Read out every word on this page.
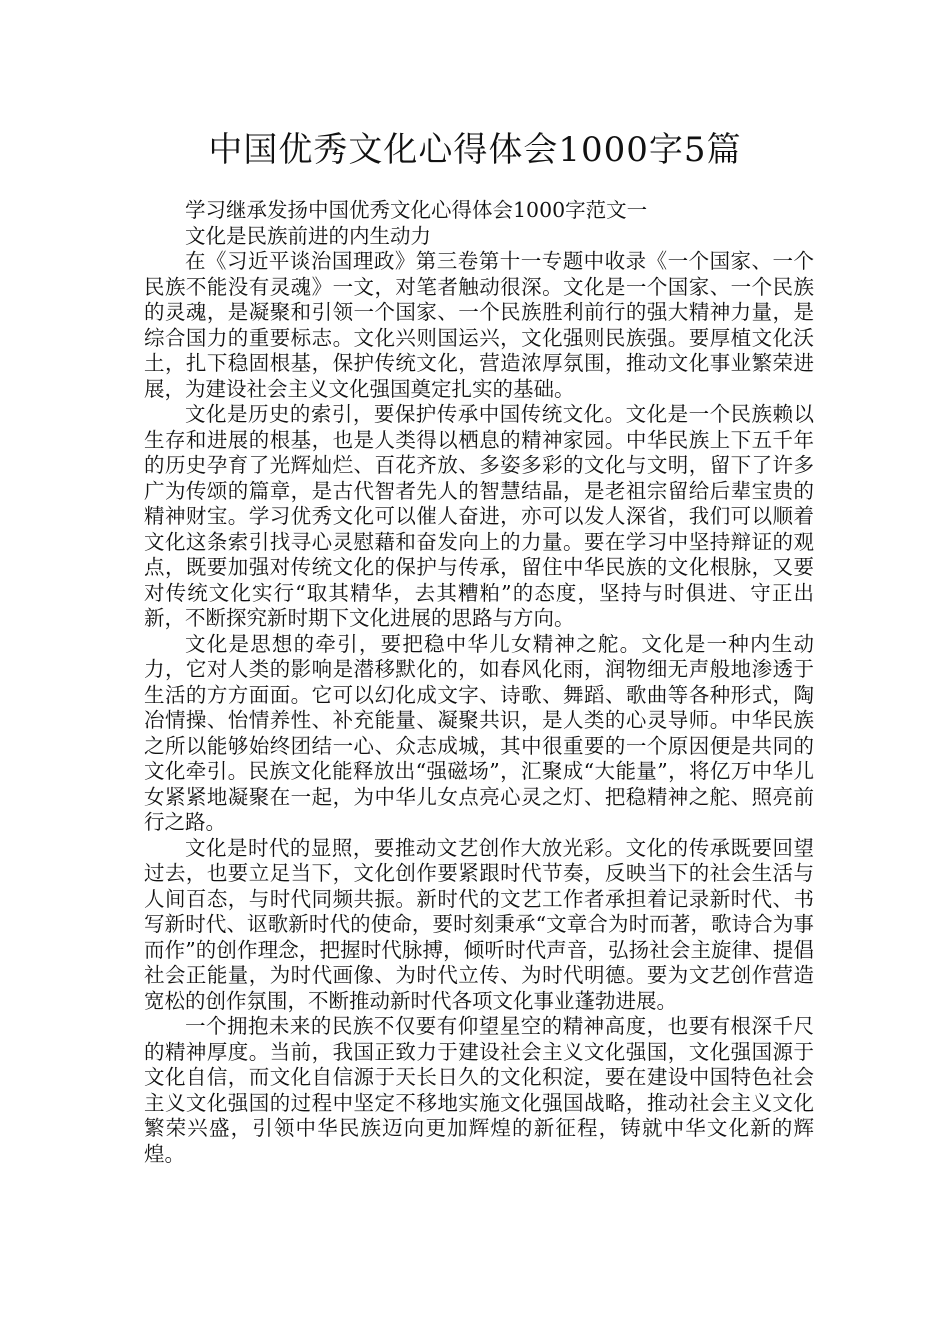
中国优秀文化心得体会1000字5篇

学习继承发扬中国优秀文化心得体会1000字范文一

文化是民族前进的内生动力

在《习近平谈治国理政》第三卷第十一专题中收录《一个国家、一个民族不能没有灵魂》一文，对笔者触动很深。文化是一个国家、一个民族的灵魂，是凝聚和引领一个国家、一个民族胜利前行的强大精神力量，是综合国力的重要标志。文化兴则国运兴，文化强则民族强。要厚植文化沃土，扎下稳固根基，保护传统文化，营造浓厚氛围，推动文化事业繁荣进展，为建设社会主义文化强国奠定扎实的基础。

文化是历史的索引，要保护传承中国传统文化。文化是一个民族赖以生存和进展的根基，也是人类得以栖息的精神家园。中华民族上下五千年的历史孕育了光辉灿烂、百花齐放、多姿多彩的文化与文明，留下了许多广为传颂的篇章，是古代智者先人的智慧结晶，是老祖宗留给后辈宝贵的精神财宝。学习优秀文化可以催人奋进，亦可以发人深省，我们可以顺着文化这条索引找寻心灵慰藉和奋发向上的力量。要在学习中坚持辩证的观点，既要加强对传统文化的保护与传承，留住中华民族的文化根脉，又要对传统文化实行“取其精华，去其糟粕”的态度，坚持与时俱进、守正出新，不断探究新时期下文化进展的思路与方向。

文化是思想的牵引，要把稳中华儿女精神之舵。文化是一种内生动力，它对人类的影响是潜移默化的，如春风化雨，润物细无声般地渗透于生活的方方面面。它可以幻化成文字、诗歌、舞蹈、歌曲等各种形式，陶冶情操、怡情养性、补充能量、凝聚共识，是人类的心灵导师。中华民族之所以能够始终团结一心、众志成城，其中很重要的一个原因便是共同的文化牵引。民族文化能释放出“强磁场”，汇聚成“大能量”，将亿万中华儿女紧紧地凝聚在一起，为中华儿女点亮心灵之灯、把稳精神之舵、照亮前行之路。

文化是时代的显照，要推动文艺创作大放光彩。文化的传承既要回望过去，也要立足当下，文化创作要紧跟时代节奏，反映当下的社会生活与人间百态，与时代同频共振。新时代的文艺工作者承担着记录新时代、书写新时代、讴歌新时代的使命，要时刻秉承“文章合为时而著，歌诗合为事而作”的创作理念，把握时代脉搏，倾听时代声音，弘扬社会主旋律、提倡社会正能量，为时代画像、为时代立传、为时代明德。要为文艺创作营造宽松的创作氛围，不断推动新时代各项文化事业蓬勃进展。

一个拥抱未来的民族不仅要有仰望星空的精神高度，也要有根深千尺的精神厚度。当前，我国正致力于建设社会主义文化强国，文化强国源于文化自信，而文化自信源于天长日久的文化积淀，要在建设中国特色社会主义文化强国的过程中坚定不移地实施文化强国战略，推动社会主义文化繁荣兴盛，引领中华民族迈向更加辉煌的新征程，铸就中华文化新的辉煌。
